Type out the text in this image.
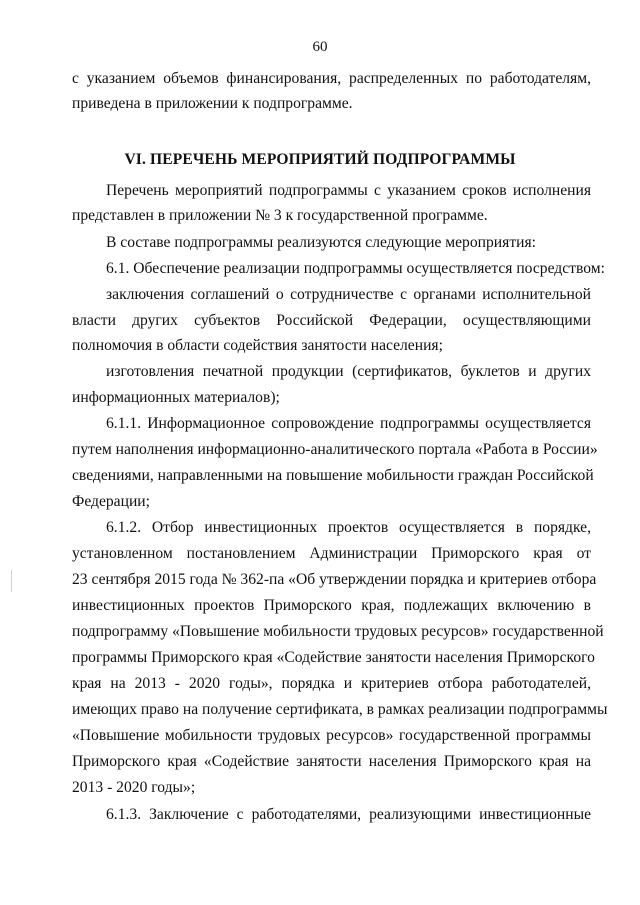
60
с указанием объемов финансирования, распределенных по работодателям,
приведена в приложении к подпрограмме.
VI. ПЕРЕЧЕНЬ МЕРОПРИЯТИЙ ПОДПРОГРАММЫ
Перечень мероприятий подпрограммы с указанием сроков исполнения
представлен в приложении № 3 к государственной программе.
В составе подпрограммы реализуются следующие мероприятия:
6.1. Обеспечение реализации подпрограммы осуществляется посредством:
заключения соглашений о сотрудничестве с органами исполнительной
власти других субъектов Российской Федерации, осуществляющими
полномочия в области содействия занятости населения;
изготовления печатной продукции (сертификатов, буклетов и других
информационных материалов);
6.1.1. Информационное сопровождение подпрограммы осуществляется
путем наполнения информационно-аналитического портала «Работа в России»
сведениями, направленными на повышение мобильности граждан Российской
Федерации;
6.1.2. Отбор инвестиционных проектов осуществляется в порядке,
установленном постановлением Администрации Приморского края от
23 сентября 2015 года № 362-па «Об утверждении порядка и критериев отбора
инвестиционных проектов Приморского края, подлежащих включению в
подпрограмму «Повышение мобильности трудовых ресурсов» государственной
программы Приморского края «Содействие занятости населения Приморского
края на 2013 - 2020 годы», порядка и критериев отбора работодателей,
имеющих право на получение сертификата, в рамках реализации подпрограммы
«Повышение мобильности трудовых ресурсов» государственной программы
Приморского края «Содействие занятости населения Приморского края на
2013 - 2020 годы»;
6.1.3. Заключение с работодателями, реализующими инвестиционные
